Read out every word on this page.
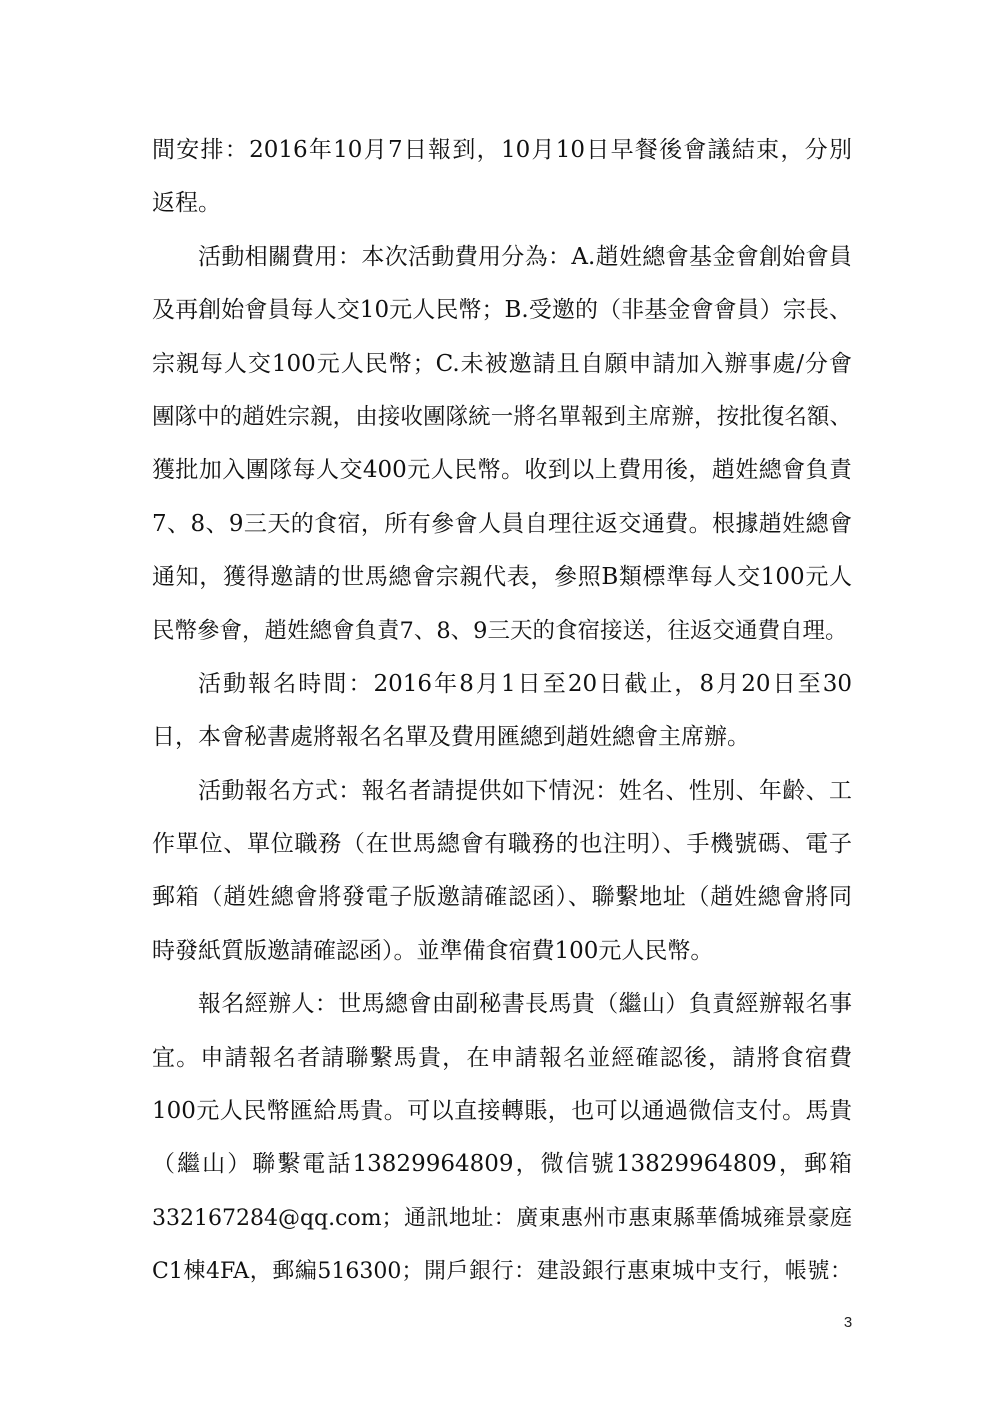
間安排：2016年10月7日報到，10月10日早餐後會議結束，分別
返程。
活動相關費用：本次活動費用分為：A.趙姓總會基金會創始會員
及再創始會員每人交10元人民幣；B.受邀的（非基金會會員）宗長、
宗親每人交100元人民幣；C.未被邀請且自願申請加入辦事處/分會
團隊中的趙姓宗親，由接收團隊統一將名單報到主席辦，按批復名額、
獲批加入團隊每人交400元人民幣。收到以上費用後，趙姓總會負責
7、8、9三天的食宿，所有參會人員自理往返交通費。根據趙姓總會
通知，獲得邀請的世馬總會宗親代表，參照B類標準每人交100元人
民幣參會，趙姓總會負責7、8、9三天的食宿接送，往返交通費自理。
活動報名時間：2016年8月1日至20日截止，8月20日至30
日，本會秘書處將報名名單及費用匯總到趙姓總會主席辦。
活動報名方式：報名者請提供如下情況：姓名、性別、年齡、工
作單位、單位職務（在世馬總會有職務的也注明）、手機號碼、電子
郵箱（趙姓總會將發電子版邀請確認函）、聯繫地址（趙姓總會將同
時發紙質版邀請確認函）。並準備食宿費100元人民幣。
報名經辦人：世馬總會由副秘書長馬貴（繼山）負責經辦報名事
宜。申請報名者請聯繫馬貴，在申請報名並經確認後，請將食宿費
100元人民幣匯給馬貴。可以直接轉賬，也可以通過微信支付。馬貴
（繼山）聯繫電話13829964809，微信號13829964809，郵箱
332167284@qq.com；通訊地址：廣東惠州市惠東縣華僑城雍景豪庭
C1棟4FA，郵編516300；開戶銀行：建設銀行惠東城中支行，帳號：
3
